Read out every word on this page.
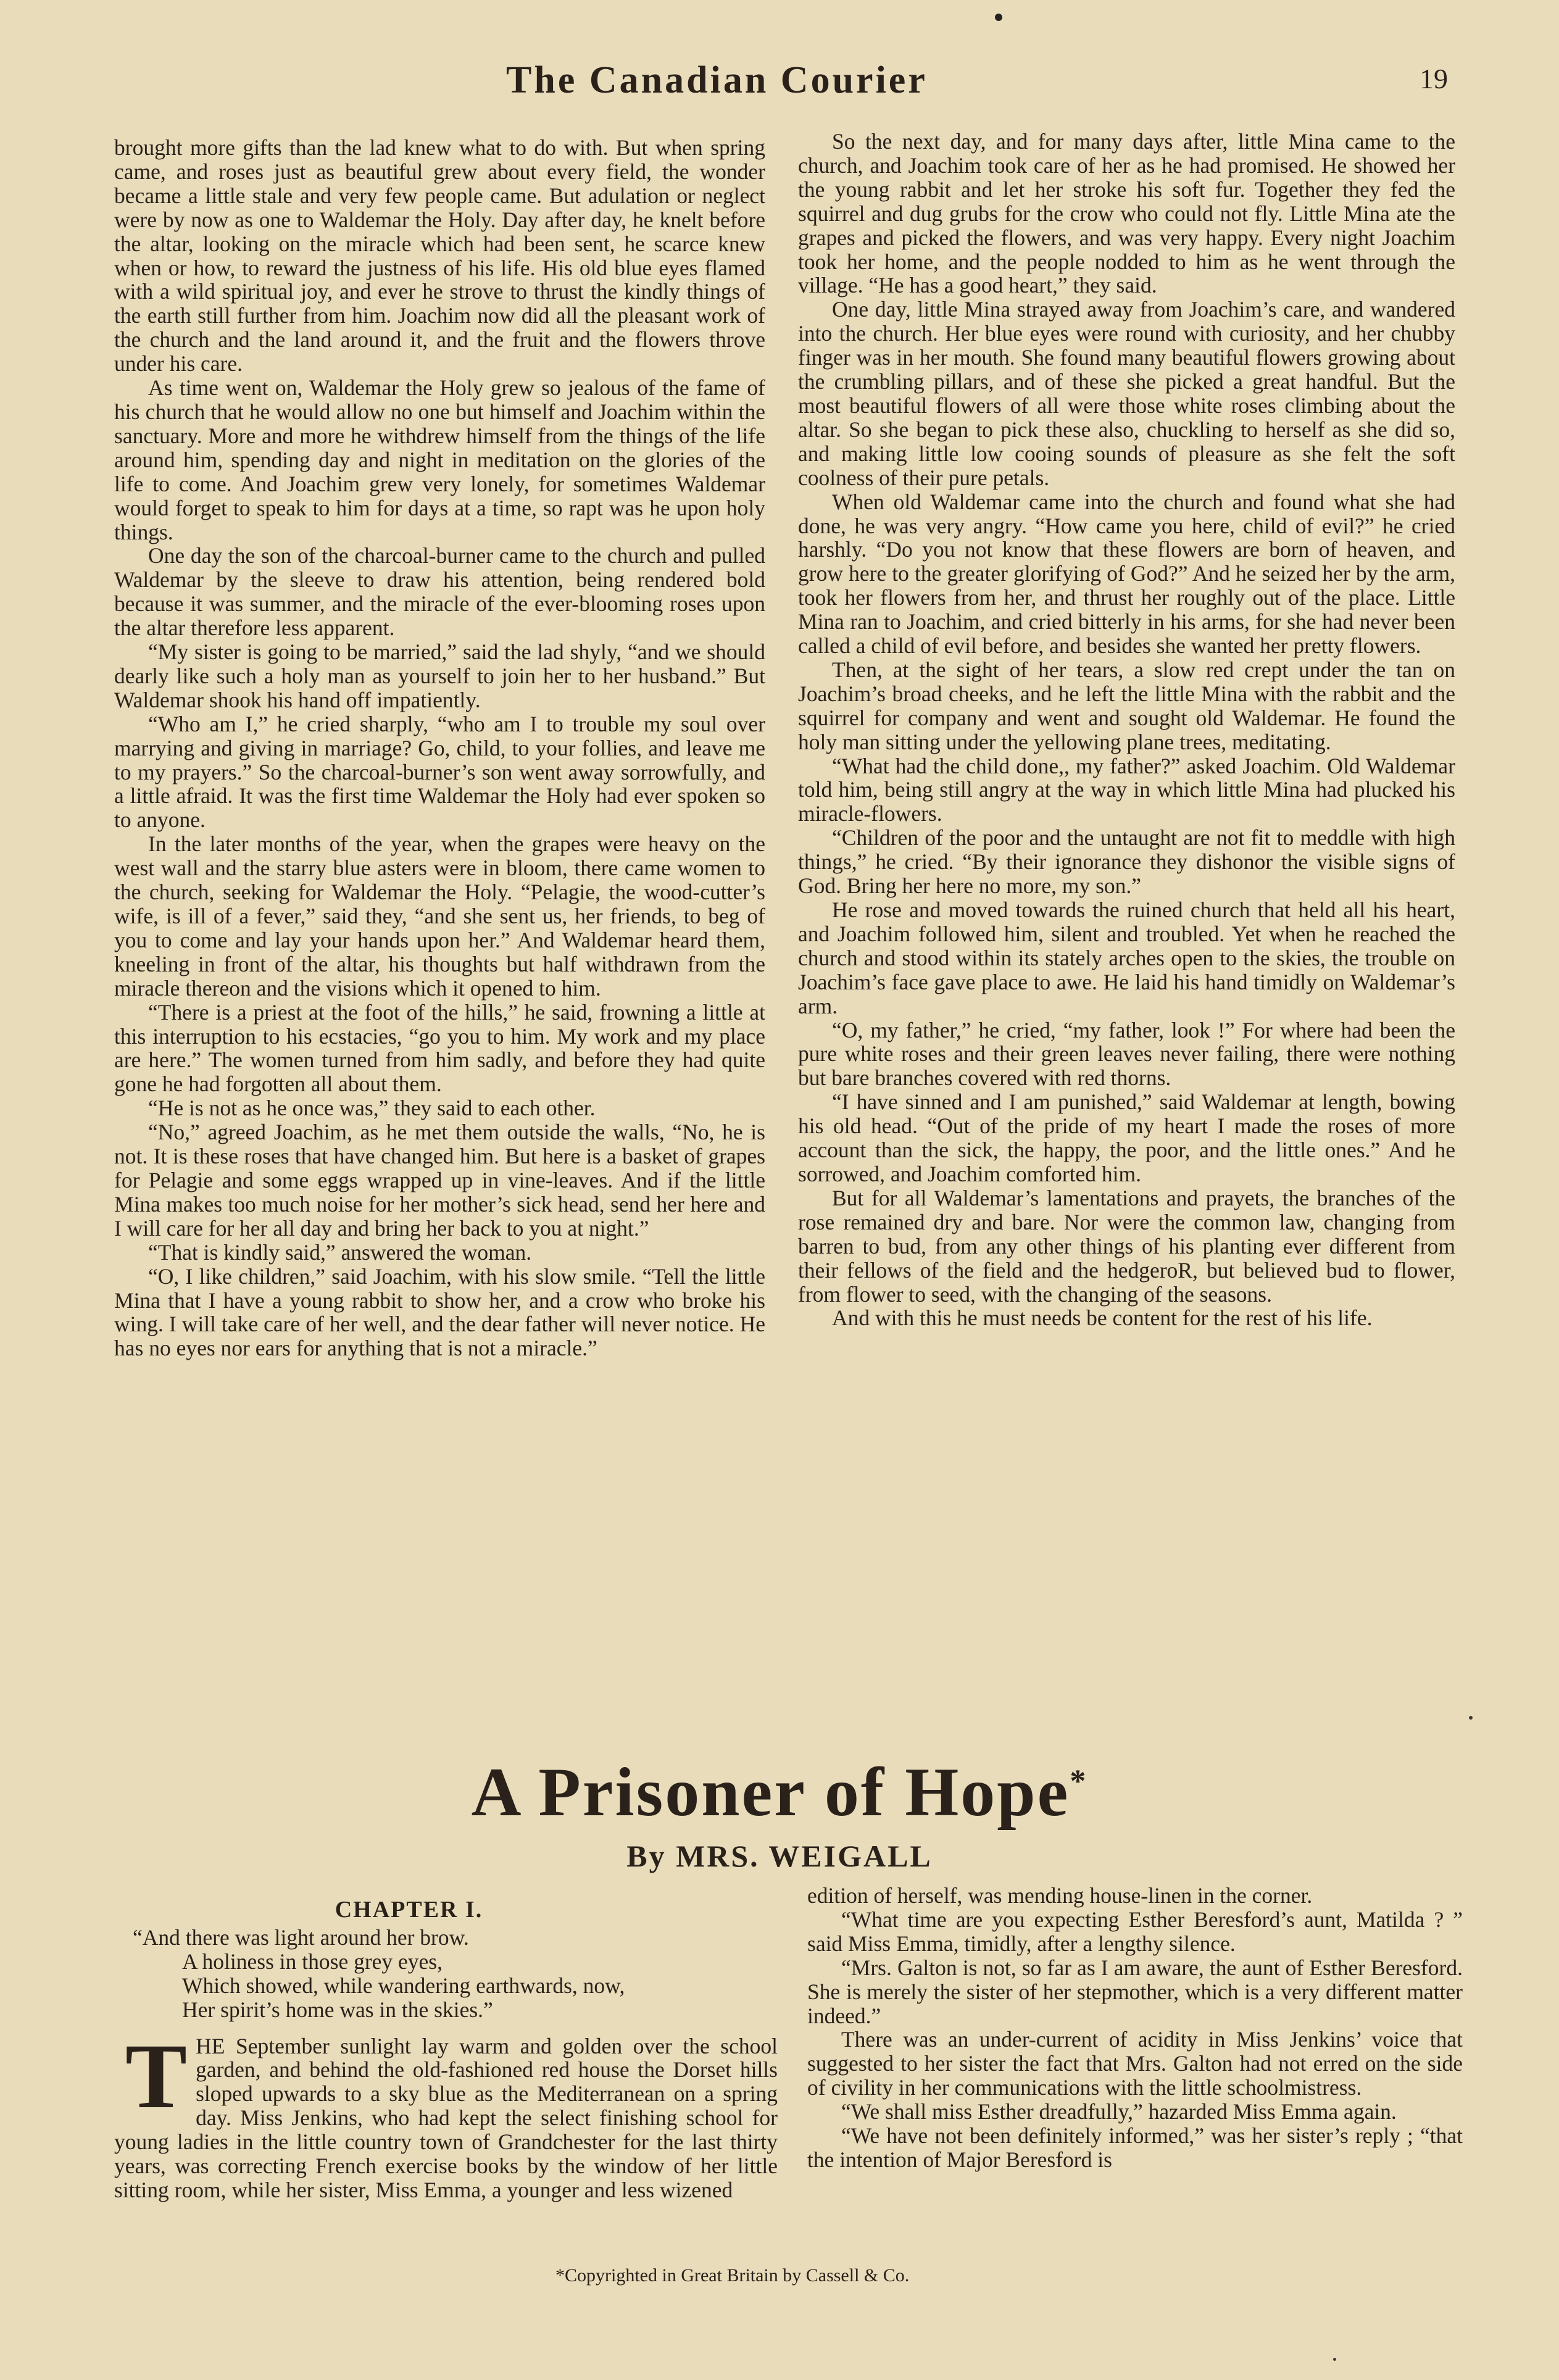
The Canadian Courier	19

brought more gifts than the lad knew what to do with. But when spring came, and roses just as beautiful grew about every field, the wonder became a little stale and very few people came. But adulation or neglect were by now as one to Waldemar the Holy. Day after day, he knelt before the altar, looking on the miracle which had been sent, he scarce knew when or how, to reward the justness of his life. His old blue eyes flamed with a wild spiritual joy, and ever he strove to thrust the kindly things of the earth still further from him. Joachim now did all the pleasant work of the church and the land around it, and the fruit and the flowers throve under his care.

As time went on, Waldemar the Holy grew so jealous of the fame of his church that he would allow no one but himself and Joachim within the sanctuary. More and more he withdrew himself from the things of the life around him, spending day and night in meditation on the glories of the life to come. And Joachim grew very lonely, for sometimes Waldemar would forget to speak to him for days at a time, so rapt was he upon holy things.

One day the son of the charcoal-burner came to the church and pulled Waldemar by the sleeve to draw his attention, being rendered bold because it was summer, and the miracle of the ever-blooming roses upon the altar therefore less apparent.

“My sister is going to be married,” said the lad shyly, “and we should dearly like such a holy man as yourself to join her to her husband.” But Waldemar shook his hand off impatiently.

“Who am I,” he cried sharply, “who am I to trouble my soul over marrying and giving in marriage? Go, child, to your follies, and leave me to my prayers.” So the charcoal-burner’s son went away sorrowfully, and a little afraid. It was the first time Waldemar the Holy had ever spoken so to anyone.

In the later months of the year, when the grapes were heavy on the west wall and the starry blue asters were in bloom, there came women to the church, seeking for Waldemar the Holy. “Pelagie, the wood-cutter’s wife, is ill of a fever,” said they, “and she sent us, her friends, to beg of you to come and lay your hands upon her.” And Waldemar heard them, kneeling in front of the altar, his thoughts but half withdrawn from the miracle thereon and the visions which it opened to him.

“There is a priest at the foot of the hills,” he said, frowning a little at this interruption to his ecstacies, “go you to him. My work and my place are here.” The women turned from him sadly, and before they had quite gone he had forgotten all about them.

“He is not as he once was,” they said to each other.

“No,” agreed Joachim, as he met them outside the walls, “No, he is not. It is these roses that have changed him. But here is a basket of grapes for Pelagie and some eggs wrapped up in vine-leaves. And if the little Mina makes too much noise for her mother’s sick head, send her here and I will care for her all day and bring her back to you at night.”

“That is kindly said,” answered the woman.

“O, I like children,” said Joachim, with his slow smile. “Tell the little Mina that I have a young rabbit to show her, and a crow who broke his wing. I will take care of her well, and the dear father will never notice. He has no eyes nor ears for anything that is not a miracle.”

So the next day, and for many days after, little Mina came to the church, and Joachim took care of her as he had promised. He showed her the young rabbit and let her stroke his soft fur. Together they fed the squirrel and dug grubs for the crow who could not fly. Little Mina ate the grapes and picked the flowers, and was very happy. Every night Joachim took her home, and the people nodded to him as he went through the village. “He has a good heart,” they said.

One day, little Mina strayed away from Joachim’s care, and wandered into the church. Her blue eyes were round with curiosity, and her chubby finger was in her mouth. She found many beautiful flowers growing about the crumbling pillars, and of these she picked a great handful. But the most beautiful flowers of all were those white roses climbing about the altar. So she began to pick these also, chuckling to herself as she did so, and making little low cooing sounds of pleasure as she felt the soft coolness of their pure petals.

When old Waldemar came into the church and found what she had done, he was very angry. “How came you here, child of evil?” he cried harshly. “Do you not know that these flowers are born of heaven, and grow here to the greater glorifying of God?” And he seized her by the arm, took her flowers from her, and thrust her roughly out of the place. Little Mina ran to Joachim, and cried bitterly in his arms, for she had never been called a child of evil before, and besides she wanted her pretty flowers.

Then, at the sight of her tears, a slow red crept under the tan on Joachim’s broad cheeks, and he left the little Mina with the rabbit and the squirrel for company and went and sought old Waldemar. He found the holy man sitting under the yellowing plane trees, meditating.

“What had the child done,, my father?” asked Joachim. Old Waldemar told him, being still angry at the way in which little Mina had plucked his miracle-flowers.

“Children of the poor and the untaught are not fit to meddle with high things,” he cried. “By their ignorance they dishonor the visible signs of God. Bring her here no more, my son.”

He rose and moved towards the ruined church that held all his heart, and Joachim followed him, silent and troubled. Yet when he reached the church and stood within its stately arches open to the skies, the trouble on Joachim’s face gave place to awe. He laid his hand timidly on Waldemar’s arm.

“O, my father,” he cried, “my father, look !” For where had been the pure white roses and their green leaves never failing, there were nothing but bare branches covered with red thorns.

“I have sinned and I am punished,” said Waldemar at length, bowing his old head. “Out of the pride of my heart I made the roses of more account than the sick, the happy, the poor, and the little ones.” And he sorrowed, and Joachim comforted him.

But for all Waldemar’s lamentations and prayets, the branches of the rose remained dry and bare. Nor were the common law, changing from barren to bud, from any other things of his planting ever different from their fellows of the field and the hedgeroR, but believed bud to flower, from flower to seed, with the changing of the seasons.

And with this he must needs be content for the rest of his life.

A Prisoner of Hope*
By MRS. WEIGALL
CHAPTER I.
“And there was light around her brow.
A holiness in those grey eyes,
Which showed, while wandering earthwards, now,
Her spirit’s home was in the skies.”
T HE September sunlight lay warm and golden over the school garden, and behind the old-fashioned red house the Dorset hills sloped upwards to a sky blue as the Mediterranean on a spring day. Miss Jenkins, who had kept the select finishing school for young ladies in the little country town of Grandchester for the last thirty years, was correcting French exercise books by the window of her little sitting room, while her sister, Miss Emma, a younger and less wizened

edition of herself, was mending house-linen in the corner.

“What time are you expecting Esther Beresford’s aunt, Matilda ? ” said Miss Emma, timidly, after a lengthy silence.

“Mrs. Galton is not, so far as I am aware, the aunt of Esther Beresford. She is merely the sister of her stepmother, which is a very different matter indeed.”

There was an under-current of acidity in Miss Jenkins’ voice that suggested to her sister the fact that Mrs. Galton had not erred on the side of civility in her communications with the little schoolmistress.

“We shall miss Esther dreadfully,” hazarded Miss Emma again.

“We have not been definitely informed,” was her sister’s reply ; “that the intention of Major Beresford is

*Copyrighted in Great Britain by Cassell & Co.
